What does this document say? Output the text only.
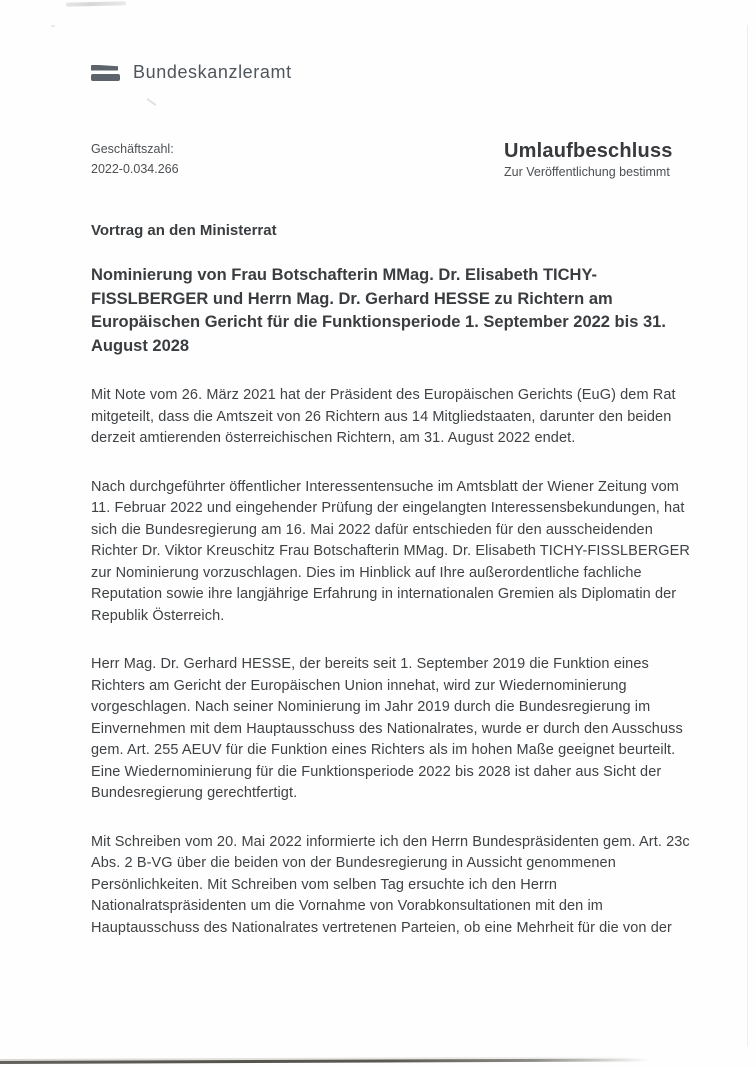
Bundeskanzleramt
Geschäftszahl:
2022-0.034.266
Umlaufbeschluss
Zur Veröffentlichung bestimmt
Vortrag an den Ministerrat
Nominierung von Frau Botschafterin MMag. Dr. Elisabeth TICHY-FISSLBERGER und Herrn Mag. Dr. Gerhard HESSE zu Richtern am Europäischen Gericht für die Funktionsperiode 1. September 2022 bis 31. August 2028

Mit Note vom 26. März 2021 hat der Präsident des Europäischen Gerichts (EuG) dem Rat mitgeteilt, dass die Amtszeit von 26 Richtern aus 14 Mitgliedstaaten, darunter den beiden derzeit amtierenden österreichischen Richtern, am 31. August 2022 endet.

Nach durchgeführter öffentlicher Interessentensuche im Amtsblatt der Wiener Zeitung vom 11. Februar 2022 und eingehender Prüfung der eingelangten Interessensbekundungen, hat sich die Bundesregierung am 16. Mai 2022 dafür entschieden für den ausscheidenden Richter Dr. Viktor Kreuschitz Frau Botschafterin MMag. Dr. Elisabeth TICHY-FISSLBERGER zur Nominierung vorzuschlagen. Dies im Hinblick auf Ihre außerordentliche fachliche Reputation sowie ihre langjährige Erfahrung in internationalen Gremien als Diplomatin der Republik Österreich.

Herr Mag. Dr. Gerhard HESSE, der bereits seit 1. September 2019 die Funktion eines Richters am Gericht der Europäischen Union innehat, wird zur Wiedernominierung vorgeschlagen. Nach seiner Nominierung im Jahr 2019 durch die Bundesregierung im Einvernehmen mit dem Hauptausschuss des Nationalrates, wurde er durch den Ausschuss gem. Art. 255 AEUV für die Funktion eines Richters als im hohen Maße geeignet beurteilt. Eine Wiedernominierung für die Funktionsperiode 2022 bis 2028 ist daher aus Sicht der Bundesregierung gerechtfertigt.

Mit Schreiben vom 20. Mai 2022 informierte ich den Herrn Bundespräsidenten gem. Art. 23c Abs. 2 B-VG über die beiden von der Bundesregierung in Aussicht genommenen Persönlichkeiten. Mit Schreiben vom selben Tag ersuchte ich den Herrn Nationalratspräsidenten um die Vornahme von Vorabkonsultationen mit den im Hauptausschuss des Nationalrates vertretenen Parteien, ob eine Mehrheit für die von der
